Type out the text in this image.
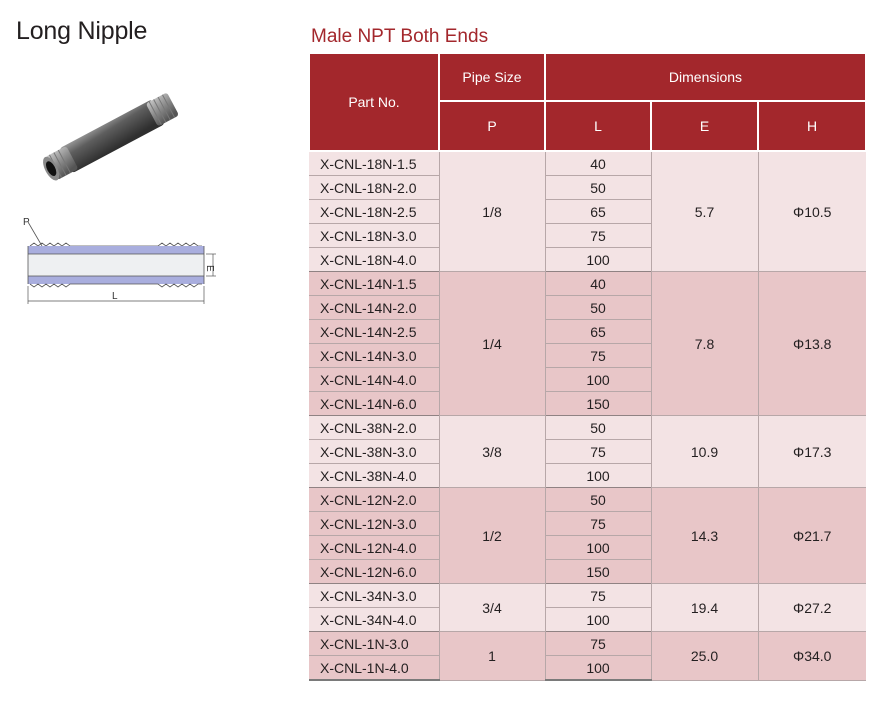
Long Nipple
P
E
L
Male NPT Both Ends
Part No.	Pipe Size	Dimensions		
	P	L	E	H
X-CNL-18N-1.5	1/8	40	5.7	Φ10.5
X-CNL-18N-2.0		50		
X-CNL-18N-2.5		65		
X-CNL-18N-3.0		75		
X-CNL-18N-4.0		100		
X-CNL-14N-1.5	1/4	40	7.8	Φ13.8
X-CNL-14N-2.0		50		
X-CNL-14N-2.5		65		
X-CNL-14N-3.0		75		
X-CNL-14N-4.0		100		
X-CNL-14N-6.0		150		
X-CNL-38N-2.0	3/8	50	10.9	Φ17.3
X-CNL-38N-3.0		75		
X-CNL-38N-4.0		100		
X-CNL-12N-2.0	1/2	50	14.3	Φ21.7
X-CNL-12N-3.0		75		
X-CNL-12N-4.0		100		
X-CNL-12N-6.0		150		
X-CNL-34N-3.0	3/4	75	19.4	Φ27.2
X-CNL-34N-4.0		100		
X-CNL-1N-3.0	1	75	25.0	Φ34.0
X-CNL-1N-4.0		100		
